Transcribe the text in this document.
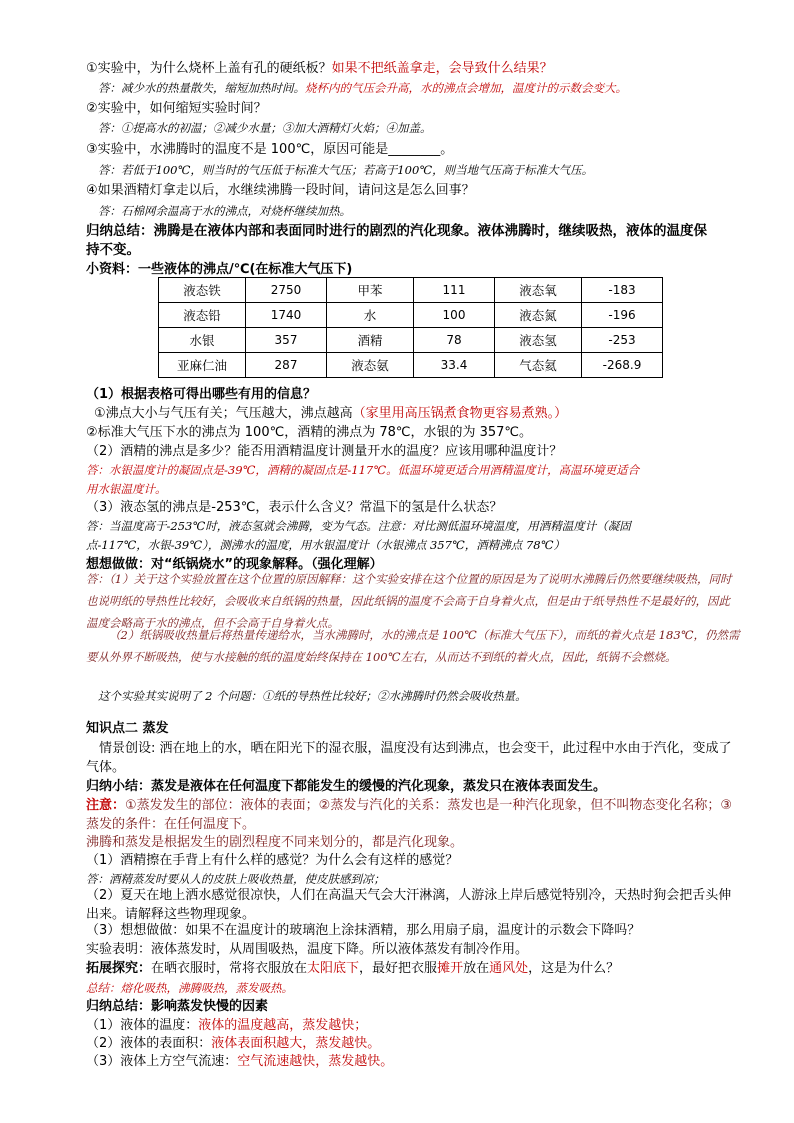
①实验中，为什么烧杯上盖有孔的硬纸板？如果不把纸盖拿走，会导致什么结果？
答：减少水的热量散失，缩短加热时间。烧杯内的气压会升高，水的沸点会增加，温度计的示数会变大。
②实验中，如何缩短实验时间？
答：①提高水的初温；②减少水量；③加大酒精灯火焰；④加盖。
③实验中，水沸腾时的温度不是 100℃，原因可能是________。
答：若低于100℃，则当时的气压低于标准大气压；若高于100℃，则当地气压高于标准大气压。
④如果酒精灯拿走以后，水继续沸腾一段时间，请问这是怎么回事？
答：石棉网余温高于水的沸点，对烧杯继续加热。
归纳总结：沸腾是在液体内部和表面同时进行的剧烈的汽化现象。液体沸腾时，继续吸热，液体的温度保
持不变。
小资料：一些液体的沸点/℃(在标准大气压下)
液态铁	2750	甲苯	111	液态氧	-183
液态铅	1740	水	100	液态氮	-196
水银	357	酒精	78	液态氢	-253
亚麻仁油	287	液态氨	33.4	气态氦	-268.9
（1）根据表格可得出哪些有用的信息？
①沸点大小与气压有关；气压越大，沸点越高（家里用高压锅煮食物更容易煮熟。）
②标准大气压下水的沸点为 100℃，酒精的沸点为 78℃，水银的为 357℃。
（2）酒精的沸点是多少？能否用酒精温度计测量开水的温度？应该用哪种温度计？
答：水银温度计的凝固点是-39℃，酒精的凝固点是-117℃。低温环境更适合用酒精温度计，高温环境更适合
用水银温度计。
（3）液态氢的沸点是-253℃，表示什么含义？常温下的氢是什么状态？
答：当温度高于-253℃时，液态氢就会沸腾，变为气态。注意：对比测低温环境温度，用酒精温度计（凝固
点-117℃，水银-39℃），测沸水的温度，用水银温度计（水银沸点 357℃，酒精沸点 78℃）
想想做做：对“纸锅烧水”的现象解释。（强化理解）
答：（1）关于这个实验放置在这个位置的原因解释：这个实验安排在这个位置的原因是为了说明水沸腾后仍然要继续吸热，同时也说明纸的导热性比较好，会吸收来自纸锅的热量，因此纸锅的温度不会高于自身着火点，但是由于纸导热性不是最好的，因此温度会略高于水的沸点，但不会高于自身着火点。
（2）纸锅吸收热量后将热量传递给水，当水沸腾时，水的沸点是 100℃（标准大气压下），而纸的着火点是 183℃，仍然需要从外界不断吸热，使与水接触的纸的温度始终保持在 100℃左右，从而达不到纸的着火点，因此，纸锅不会燃烧。
这个实验其实说明了 2 个问题：①纸的导热性比较好；②水沸腾时仍然会吸收热量。
知识点二 蒸发
情景创设: 洒在地上的水，晒在阳光下的湿衣服，温度没有达到沸点，也会变干，此过程中水由于汽化，变成了气体。
归纳小结：蒸发是液体在任何温度下都能发生的缓慢的汽化现象，蒸发只在液体表面发生。
注意：①蒸发发生的部位：液体的表面；②蒸发与汽化的关系：蒸发也是一种汽化现象，但不叫物态变化名称；③蒸发的条件：在任何温度下。
沸腾和蒸发是根据发生的剧烈程度不同来划分的，都是汽化现象。
（1）酒精擦在手背上有什么样的感觉？为什么会有这样的感觉？
答：酒精蒸发时要从人的皮肤上吸收热量，使皮肤感到凉；
（2）夏天在地上洒水感觉很凉快，人们在高温天气会大汗淋漓，人游泳上岸后感觉特别冷，天热时狗会把舌头伸出来。请解释这些物理现象。
（3）想想做做：如果不在温度计的玻璃泡上涂抹酒精，那么用扇子扇，温度计的示数会下降吗？
实验表明：液体蒸发时，从周围吸热，温度下降。所以液体蒸发有制冷作用。
拓展探究：在晒衣服时，常将衣服放在太阳底下，最好把衣服摊开放在通风处，这是为什么？
总结：熔化吸热，沸腾吸热，蒸发吸热。
归纳总结：影响蒸发快慢的因素
（1）液体的温度：液体的温度越高，蒸发越快；
（2）液体的表面积：液体表面积越大，蒸发越快。
（3）液体上方空气流速：空气流速越快，蒸发越快。
